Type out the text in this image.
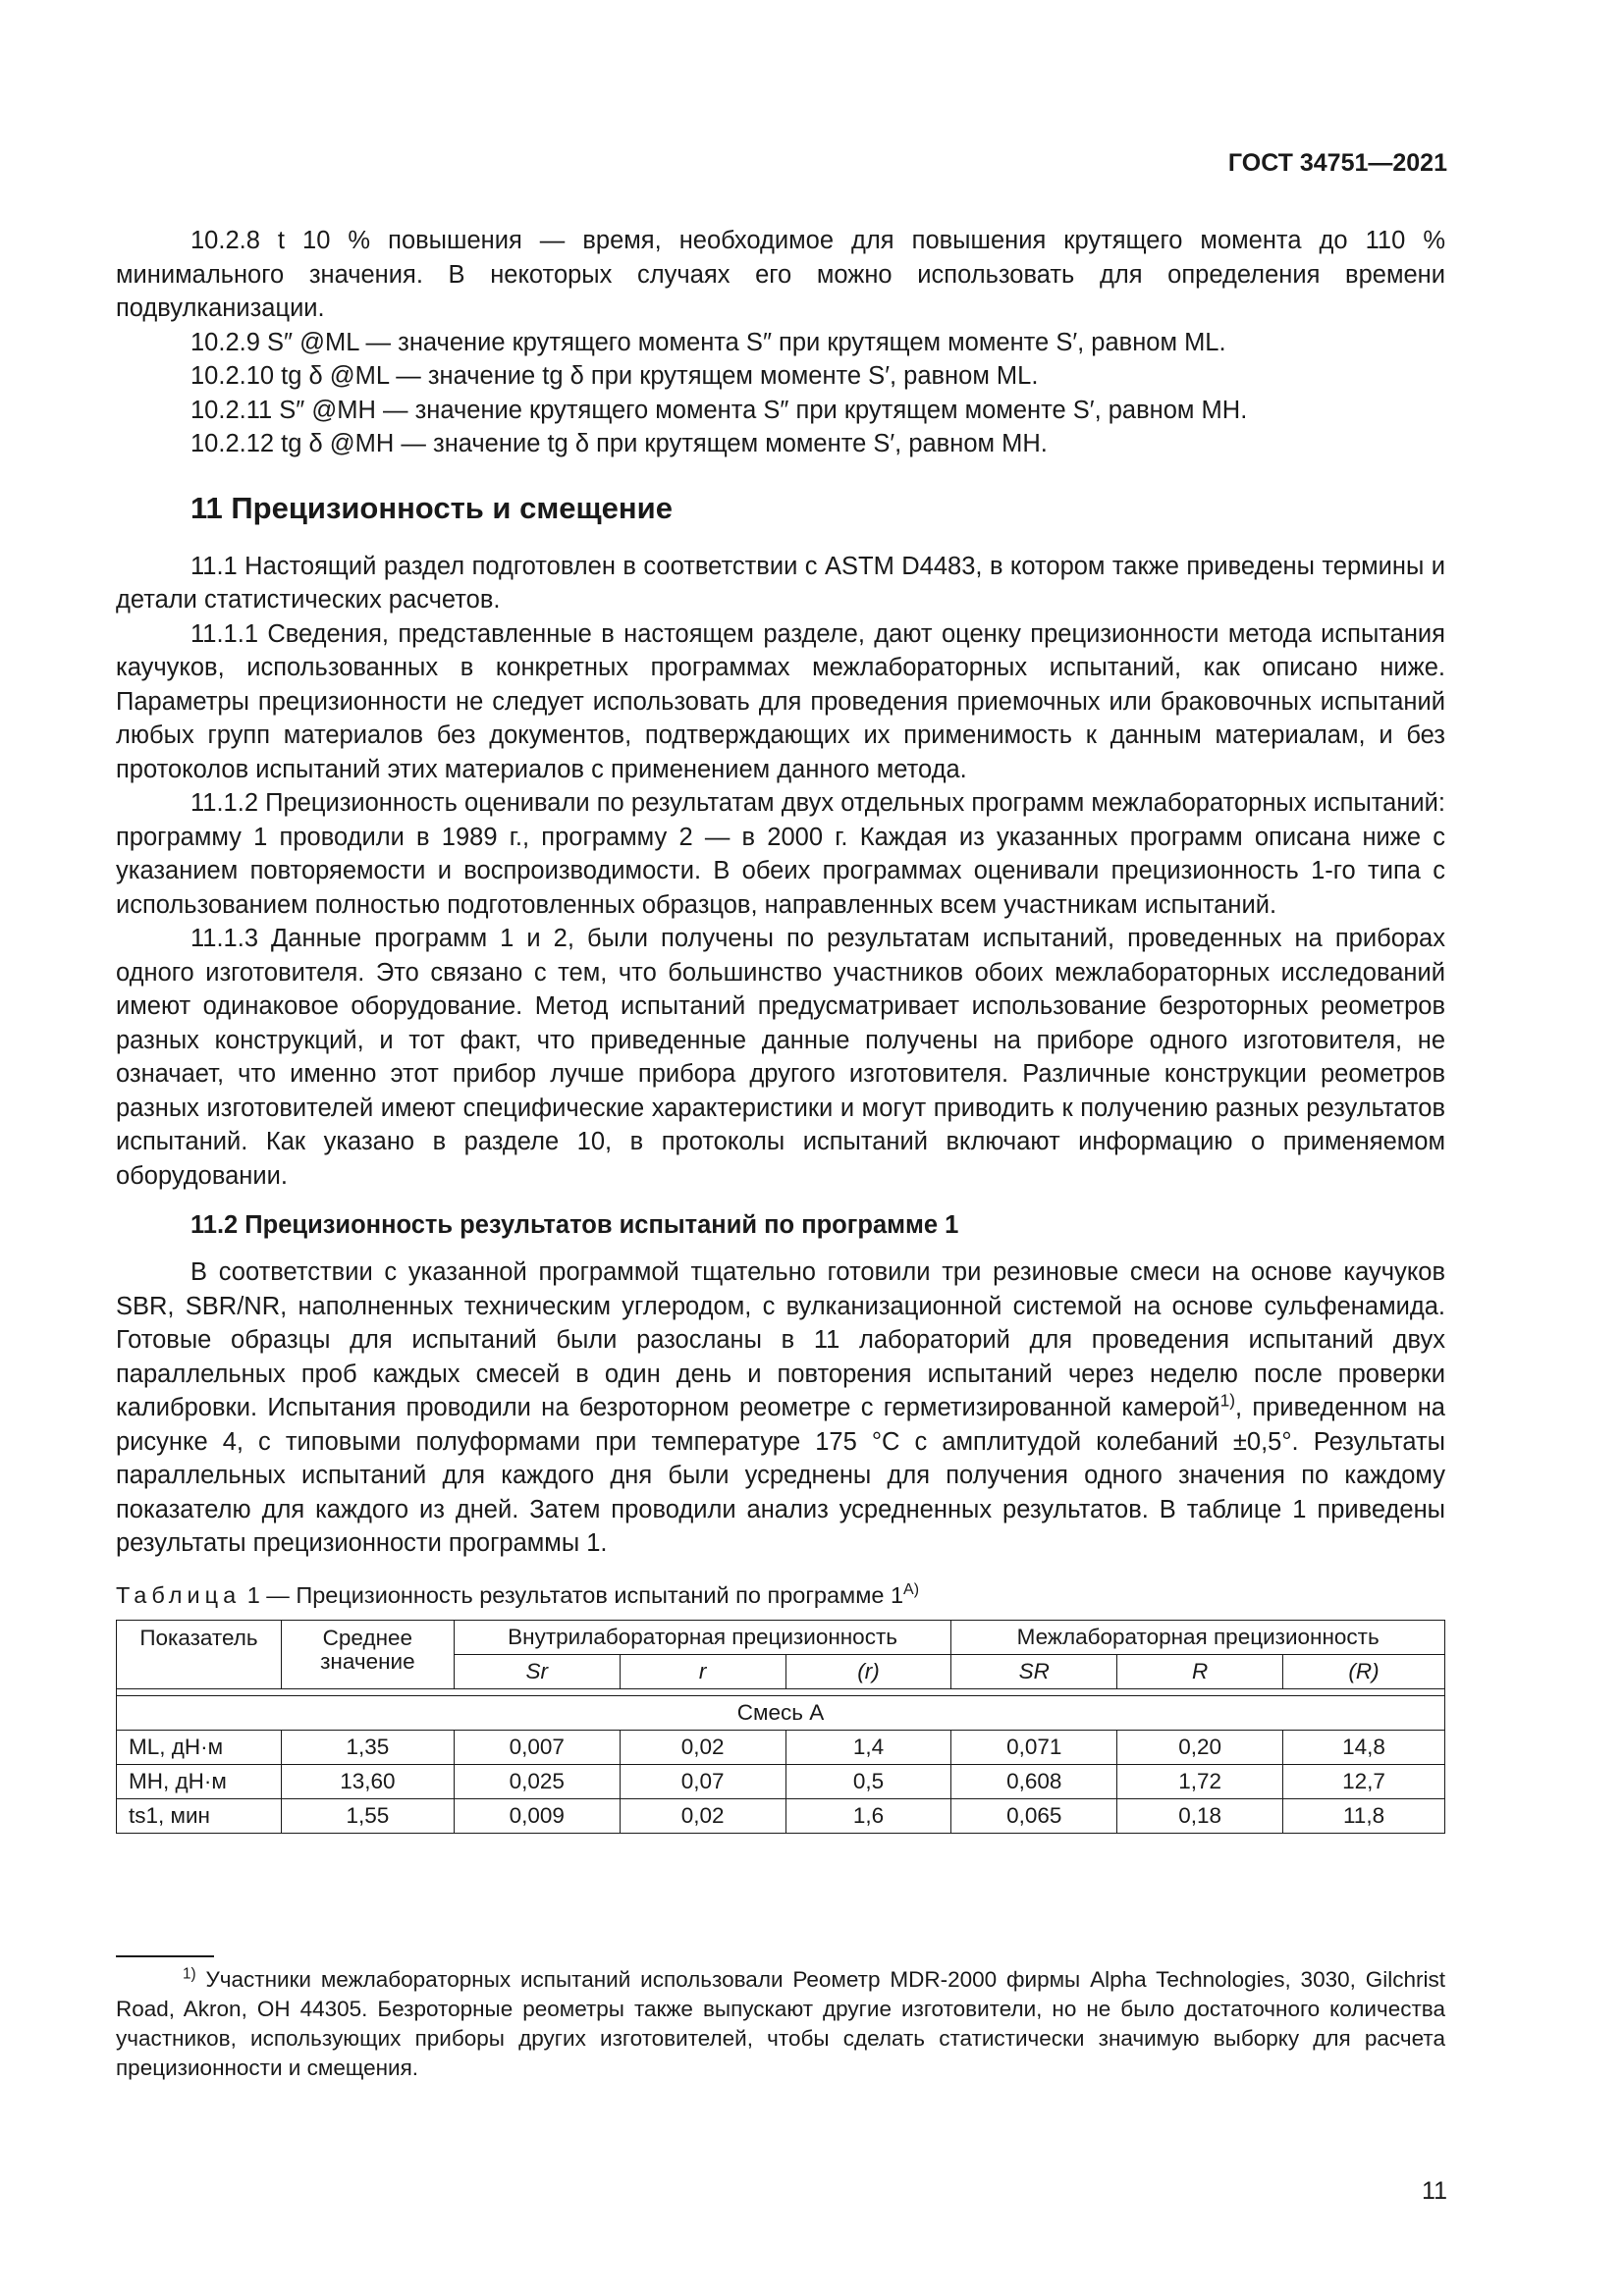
ГОСТ 34751—2021

10.2.8 t 10 % повышения — время, необходимое для повышения крутящего момента до 110 % минимального значения. В некоторых случаях его можно использовать для определения времени подвулканизации.

10.2.9 S″ @ML — значение крутящего момента S″ при крутящем моменте S′, равном ML.

10.2.10 tg δ @ML — значение tg δ при крутящем моменте S′, равном ML.

10.2.11 S″ @MH — значение крутящего момента S″ при крутящем моменте S′, равном MH.

10.2.12 tg δ @MH — значение tg δ при крутящем моменте S′, равном MH.

11 Прецизионность и смещение

11.1 Настоящий раздел подготовлен в соответствии с ASTM D4483, в котором также приведены термины и детали статистических расчетов.

11.1.1 Сведения, представленные в настоящем разделе, дают оценку прецизионности метода испытания каучуков, использованных в конкретных программах межлабораторных испытаний, как описано ниже. Параметры прецизионности не следует использовать для проведения приемочных или браковочных испытаний любых групп материалов без документов, подтверждающих их применимость к данным материалам, и без протоколов испытаний этих материалов с применением данного метода.

11.1.2 Прецизионность оценивали по результатам двух отдельных программ межлабораторных испытаний: программу 1 проводили в 1989 г., программу 2 — в 2000 г. Каждая из указанных программ описана ниже с указанием повторяемости и воспроизводимости. В обеих программах оценивали прецизионность 1-го типа с использованием полностью подготовленных образцов, направленных всем участникам испытаний.

11.1.3 Данные программ 1 и 2, были получены по результатам испытаний, проведенных на приборах одного изготовителя. Это связано с тем, что большинство участников обоих межлабораторных исследований имеют одинаковое оборудование. Метод испытаний предусматривает использование безроторных реометров разных конструкций, и тот факт, что приведенные данные получены на приборе одного изготовителя, не означает, что именно этот прибор лучше прибора другого изготовителя. Различные конструкции реометров разных изготовителей имеют специфические характеристики и могут приводить к получению разных результатов испытаний. Как указано в разделе 10, в протоколы испытаний включают информацию о применяемом оборудовании.

11.2 Прецизионность результатов испытаний по программе 1

В соответствии с указанной программой тщательно готовили три резиновые смеси на основе каучуков SBR, SBR/NR, наполненных техническим углеродом, с вулканизационной системой на основе сульфенамида. Готовые образцы для испытаний были разосланы в 11 лабораторий для проведения испытаний двух параллельных проб каждых смесей в один день и повторения испытаний через неделю после проверки калибровки. Испытания проводили на безроторном реометре с герметизированной камерой$^{1)}$, приведенном на рисунке 4, с типовыми полуформами при температуре 175 °С с амплитудой колебаний ±0,5°. Результаты параллельных испытаний для каждого дня были усреднены для получения одного значения по каждому показателю для каждого из дней. Затем проводили анализ усредненных результатов. В таблице 1 приведены результаты прецизионности программы 1.

Таблица 1 — Прецизионность результатов испытаний по программе $1^{A)}$
Показатель	Среднее значение	Внутрилабораторная прецизионность			Межлабораторная прецизионность		
		Sr	r	(r)	SR	R	(R)

Смесь А							
ML, дН·м	1,35	0,007	0,02	1,4	0,071	0,20	14,8
MH, дН·м	13,60	0,025	0,07	0,5	0,608	1,72	12,7
ts1, мин	1,55	0,009	0,02	1,6	0,065	0,18	11,8
$^{1)}$ Участники межлабораторных испытаний использовали Реометр MDR-2000 фирмы Alpha Technologies, 3030, Gilchrist Road, Akron, OH 44305. Безроторные реометры также выпускают другие изготовители, но не было достаточного количества участников, использующих приборы других изготовителей, чтобы сделать статистически значимую выборку для расчета прецизионности и смещения.
11
